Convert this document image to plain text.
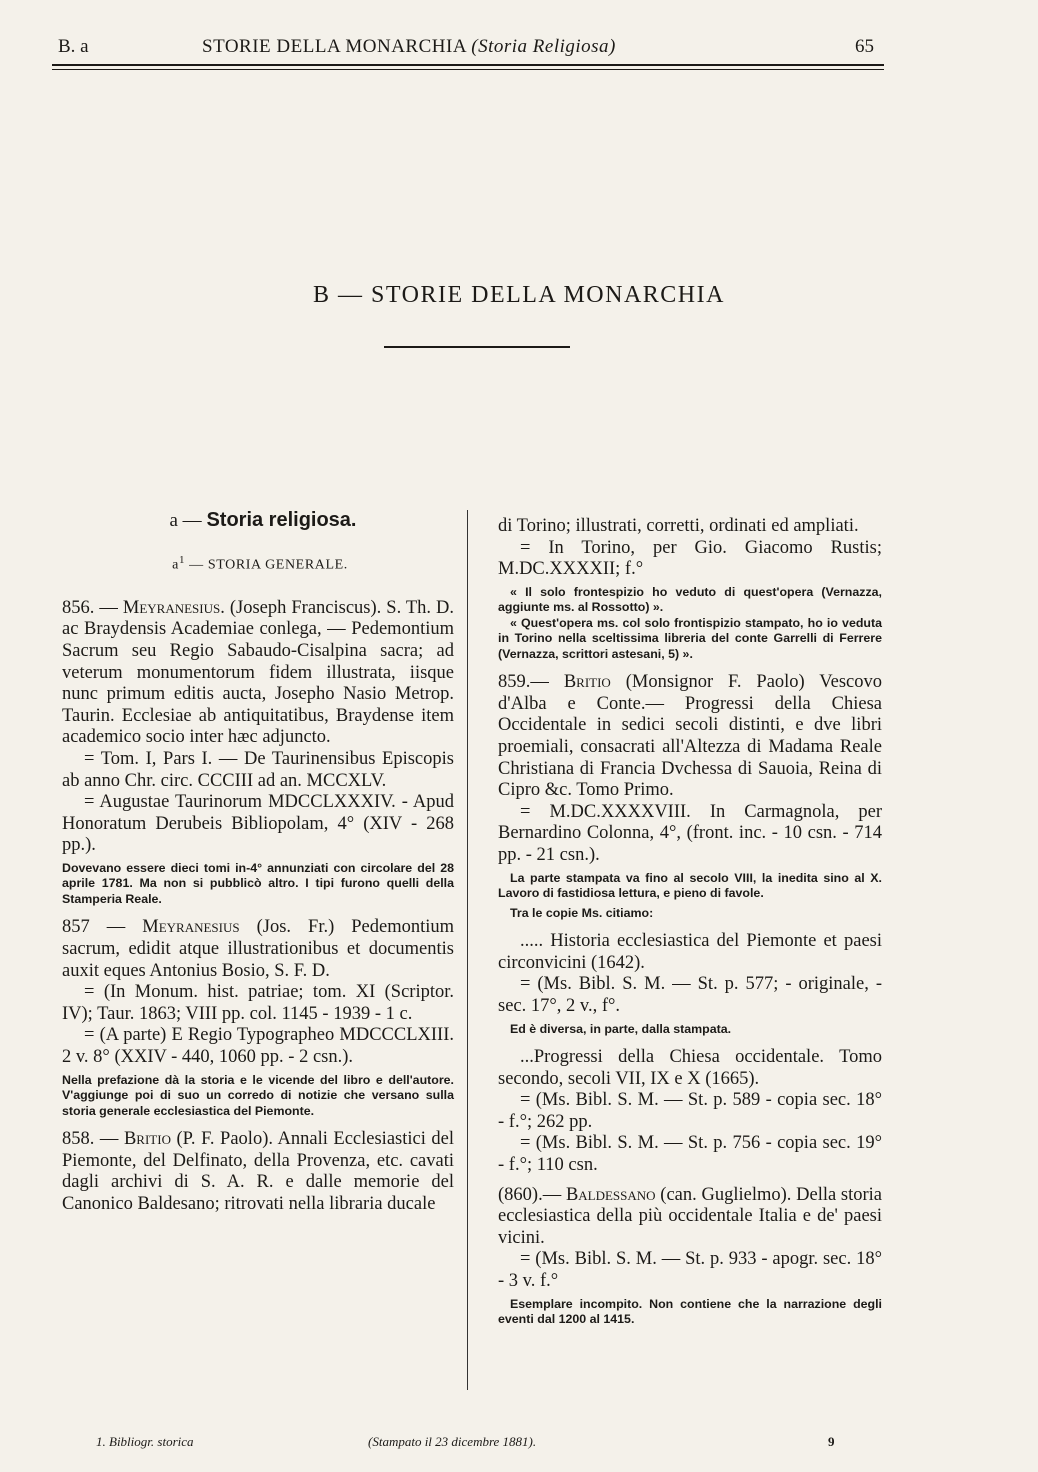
B. a	STORIE DELLA MONARCHIA (Storia Religiosa)	65
B — STORIE DELLA MONARCHIA
a — Storia religiosa.
$a^1$ — STORIA GENERALE.

856. — Meyranesius. (Joseph Franciscus). S. Th. D. ac Braydensis Academiae conlega, — Pedemontium Sacrum seu Regio Sabaudo-Cisalpina sacra; ad veterum monumentorum fidem illustrata, iisque nunc primum editis aucta, Josepho Nasio Metrop. Taurin. Ecclesiae ab antiquitatibus, Braydense item academico socio inter hæc adjuncto.

= Tom. I, Pars I. — De Taurinensibus Episcopis ab anno Chr. circ. CCCIII ad an. MCCXLV.

= Augustae Taurinorum MDCCLXXXIV. - Apud Honoratum Derubeis Bibliopolam, 4° (XIV - 268 pp.).

Dovevano essere dieci tomi in-4° annunziati con circolare del 28 aprile 1781. Ma non si pubblicò altro. I tipi furono quelli della Stamperia Reale.

857 — Meyranesius (Jos. Fr.) Pedemontium sacrum, edidit atque illustrationibus et documentis auxit eques Antonius Bosio, S. F. D.

= (In Monum. hist. patriae; tom. XI (Scriptor. IV); Taur. 1863; VIII pp. col. 1145 - 1939 - 1 c.

= (A parte) E Regio Typographeo MDCCCLXIII. 2 v. 8° (XXIV - 440, 1060 pp. - 2 csn.).

Nella prefazione dà la storia e le vicende del libro e dell'autore. V'aggiunge poi di suo un corredo di notizie che versano sulla storia generale ecclesiastica del Piemonte.

858. — Britio (P. F. Paolo). Annali Ecclesiastici del Piemonte, del Delfinato, della Provenza, etc. cavati dagli archivi di S. A. R. e dalle memorie del Canonico Baldesano; ritrovati nella libraria ducale

di Torino; illustrati, corretti, ordinati ed ampliati.

= In Torino, per Gio. Giacomo Rustis; M.DC.XXXXII; f.°

« Il solo frontespizio ho veduto di quest'opera (Vernazza, aggiunte ms. al Rossotto) ».

« Quest'opera ms. col solo frontispizio stampato, ho io veduta in Torino nella sceltissima libreria del conte Garrelli di Ferrere (Vernazza, scrittori astesani, 5) ».

859.— Britio (Monsignor F. Paolo) Vescovo d'Alba e Conte.— Progressi della Chiesa Occidentale in sedici secoli distinti, e dve libri proemiali, consacrati all'Altezza di Madama Reale Christiana di Francia Dvchessa di Sauoia, Reina di Cipro &c. Tomo Primo.

= M.DC.XXXXVIII. In Carmagnola, per Bernardino Colonna, 4°, (front. inc. - 10 csn. - 714 pp. - 21 csn.).

La parte stampata va fino al secolo VIII, la inedita sino al X. Lavoro di fastidiosa lettura, e pieno di favole.

Tra le copie Ms. citiamo:

..... Historia ecclesiastica del Piemonte et paesi circonvicini (1642).

= (Ms. Bibl. S. M. — St. p. 577; - originale, - sec. 17°, 2 v., f°.

Ed è diversa, in parte, dalla stampata.

...Progressi della Chiesa occidentale. Tomo secondo, secoli VII, IX e X (1665).

= (Ms. Bibl. S. M. — St. p. 589 - copia sec. 18° - f.°; 262 pp.

= (Ms. Bibl. S. M. — St. p. 756 - copia sec. 19° - f.°; 110 csn.

(860).— Baldessano (can. Guglielmo). Della storia ecclesiastica della più occidentale Italia e de' paesi vicini.

= (Ms. Bibl. S. M. — St. p. 933 - apogr. sec. 18° - 3 v. f.°

Esemplare incompito. Non contiene che la narrazione degli eventi dal 1200 al 1415.

1. Bibliogr. storica	(Stampato il 23 dicembre 1881).	9
